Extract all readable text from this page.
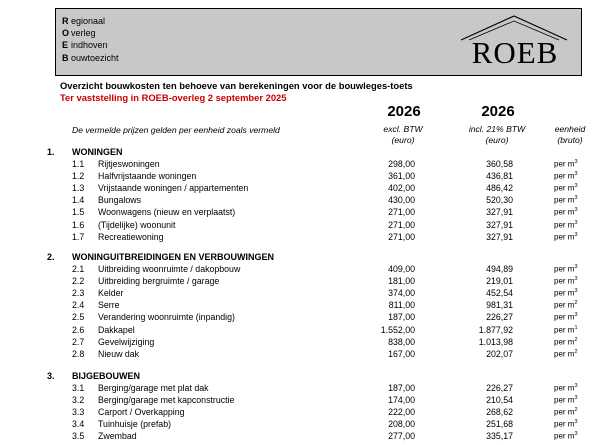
R egionaal
O verleg
E indhoven
B ouwtoezicht	ROEB
Overzicht bouwkosten ten behoeve van berekeningen voor de bouwleges-toets
Ter vaststelling in ROEB-overleg 2 september 2025
2026	2026
excl. BTW
(euro)
incl. 21% BTW
(euro)
eenheid
(bruto)
De vermelde prijzen gelden per eenheid zoals vermeld
1. WONINGEN
1.1 Rijtjeswoningen	298,00	360,58	per $m^3$
1.2 Halfvrijstaande woningen	361,00	436,81	per $m^3$
1.3 Vrijstaande woningen / appartementen	402,00	486,42	per $m^3$
1.4 Bungalows	430,00	520,30	per $m^3$
1.5 Woonwagens (nieuw en verplaatst)	271,00	327,91	per $m^3$
1.6 (Tijdelijke) woonunit	271,00	327,91	per $m^3$
1.7 Recreatiewoning	271,00	327,91	per $m^3$
2. WONINGUITBREIDINGEN EN VERBOUWINGEN
2.1 Uitbreiding woonruimte / dakopbouw	409,00	494,89	per $m^3$
2.2 Uitbreiding bergruimte / garage	181,00	219,01	per $m^3$
2.3 Kelder	374,00	452,54	per $m^3$
2.4 Serre	811,00	981,31	per $m^2$
2.5 Verandering woonruimte (inpandig)	187,00	226,27	per $m^3$
2.6 Dakkapel	1.552,00	1.877,92	per $m^1$
2.7 Gevelwijziging	838,00	1.013,98	per $m^2$
2.8 Nieuw dak	167,00	202,07	per $m^2$
3. BIJGEBOUWEN
3.1 Berging/garage met plat dak	187,00	226,27	per $m^3$
3.2 Berging/garage met kapconstructie	174,00	210,54	per $m^3$
3.3 Carport / Overkapping	222,00	268,62	per $m^2$
3.4 Tuinhuisje (prefab)	208,00	251,68	per $m^3$
3.5 Zwembad	277,00	335,17	per $m^3$
